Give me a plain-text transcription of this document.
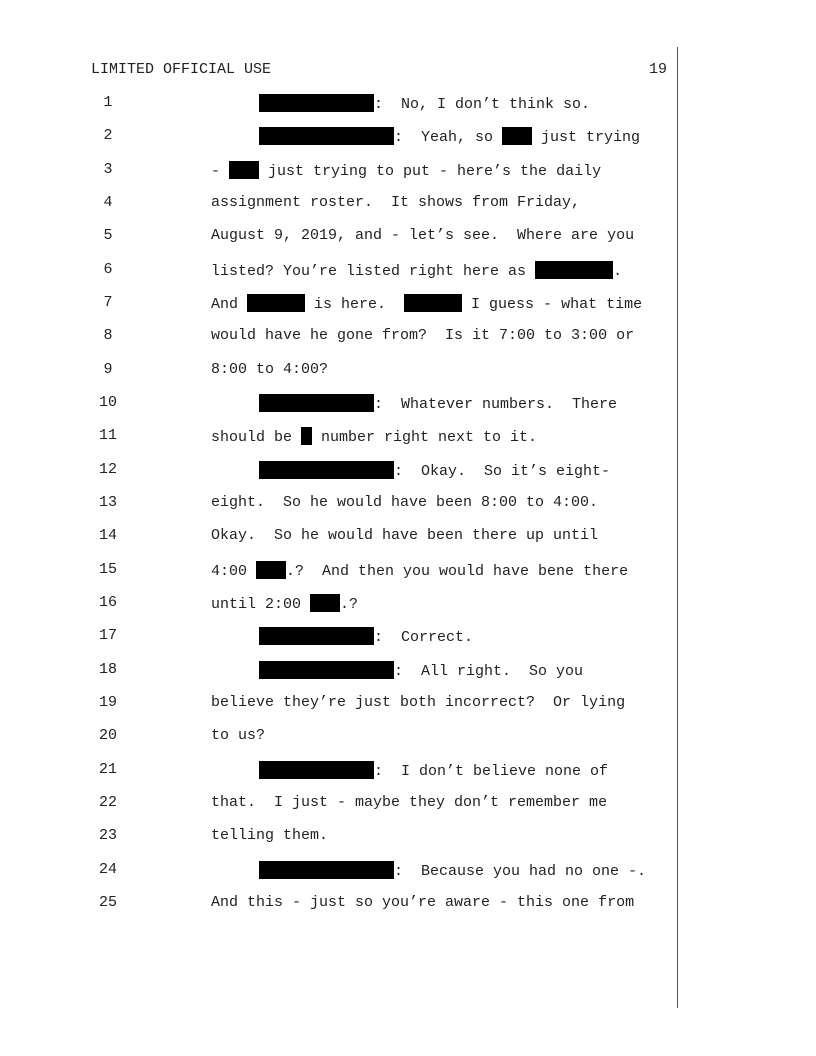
LIMITED OFFICIAL USE	19
1	:  No, I don’t think so.
2	:  Yeah, so  just trying
3	-  just trying to put - here’s the daily
4	assignment roster.  It shows from Friday,
5	August 9, 2019, and - let’s see.  Where are you
6	listed? You’re listed right here as	.
7	And	is here.	I guess - what time
8	would have he gone from?  Is it 7:00 to 3:00 or
9	8:00 to 4:00?
10	:  Whatever numbers.  There
11	should be  number right next to it.
12	:  Okay.  So it’s eight-
13	eight.  So he would have been 8:00 to 4:00.
14	Okay.  So he would have been there up until
15	4:00 .?  And then you would have bene there
16	until 2:00 .?
17	:  Correct.
18	:  All right.  So you
19	believe they’re just both incorrect?  Or lying
20	to us?
21	:  I don’t believe none of
22	that.  I just - maybe they don’t remember me
23	telling them.
24	:  Because you had no one -.
25	And this - just so you’re aware - this one from
